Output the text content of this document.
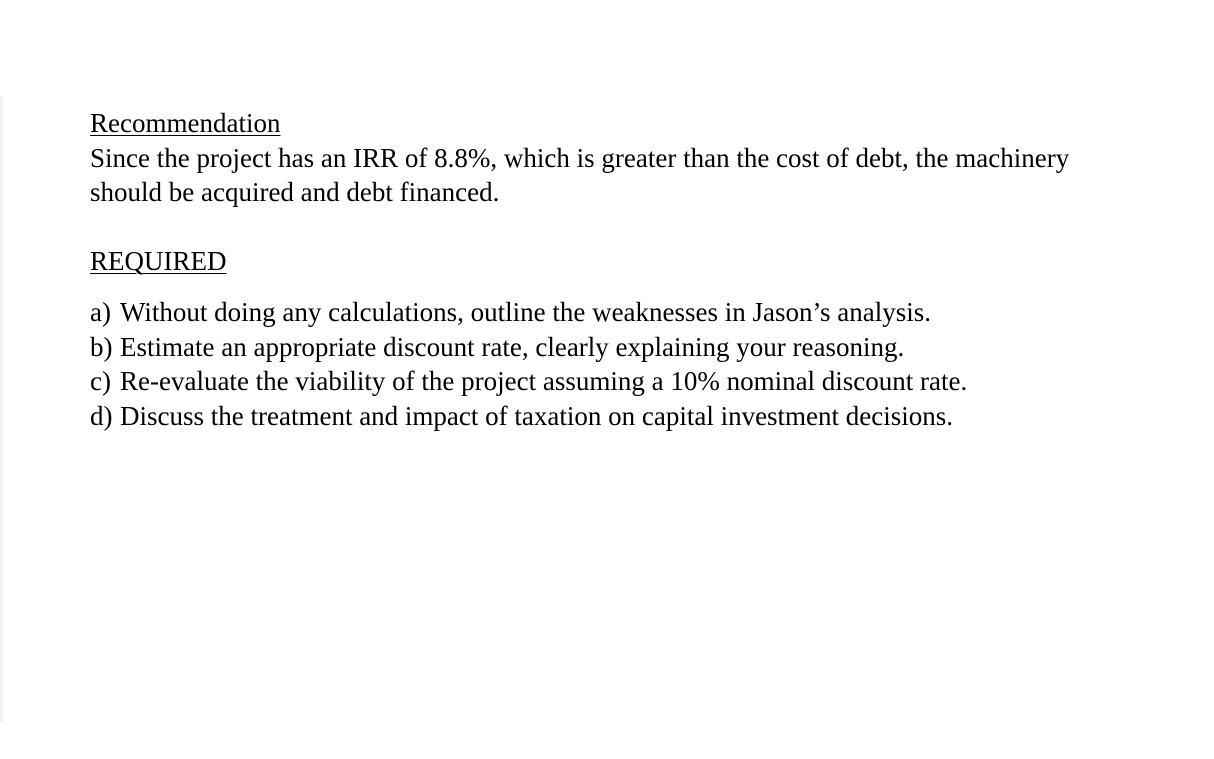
Recommendation

Since the project has an IRR of 8.8%, which is greater than the cost of debt, the machinery should be acquired and debt financed.

REQUIRED
a) Without doing any calculations, outline the weaknesses in Jason’s analysis.
b) Estimate an appropriate discount rate, clearly explaining your reasoning.
c) Re-evaluate the viability of the project assuming a 10% nominal discount rate.
d) Discuss the treatment and impact of taxation on capital investment decisions.
